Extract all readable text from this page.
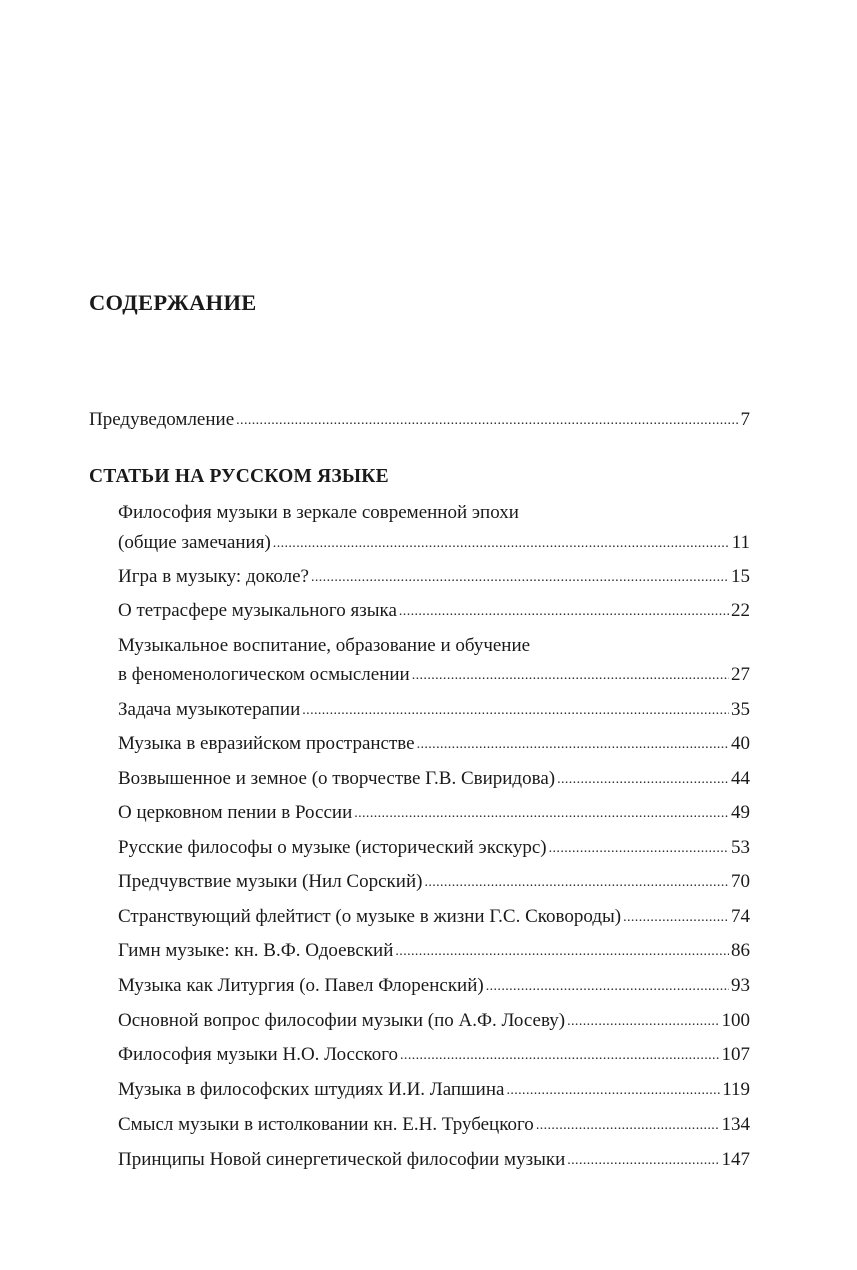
СОДЕРЖАНИЕ
Предуведомление .....	7
СТАТЬИ НА РУССКОМ ЯЗЫКЕ
Философия музыки в зеркале современной эпохи
(общие замечания) .....	11
Игра в музыку: доколе? .....	15
О тетрасфере музыкального языка .....	22
Музыкальное воспитание, образование и обучение
в феноменологическом осмыслении .....	27
Задача музыкотерапии .....	35
Музыка в евразийском пространстве .....	40
Возвышенное и земное (о творчестве Г.В. Свиридова) .....	44
О церковном пении в России .....	49
Русские философы о музыке (исторический экскурс) .....	53
Предчувствие музыки (Нил Сорский) .....	70
Странствующий флейтист (о музыке в жизни Г.С. Сковороды) .....	74
Гимн музыке: кн. В.Ф. Одоевский .....	86
Музыка как Литургия (о. Павел Флоренский) .....	93
Основной вопрос философии музыки (по А.Ф. Лосеву) .....	100
Философия музыки Н.О. Лосского .....	107
Музыка в философских штудиях И.И. Лапшина .....	119
Смысл музыки в истолковании кн. Е.Н. Трубецкого .....	134
Принципы Новой синергетической философии музыки .....	147
